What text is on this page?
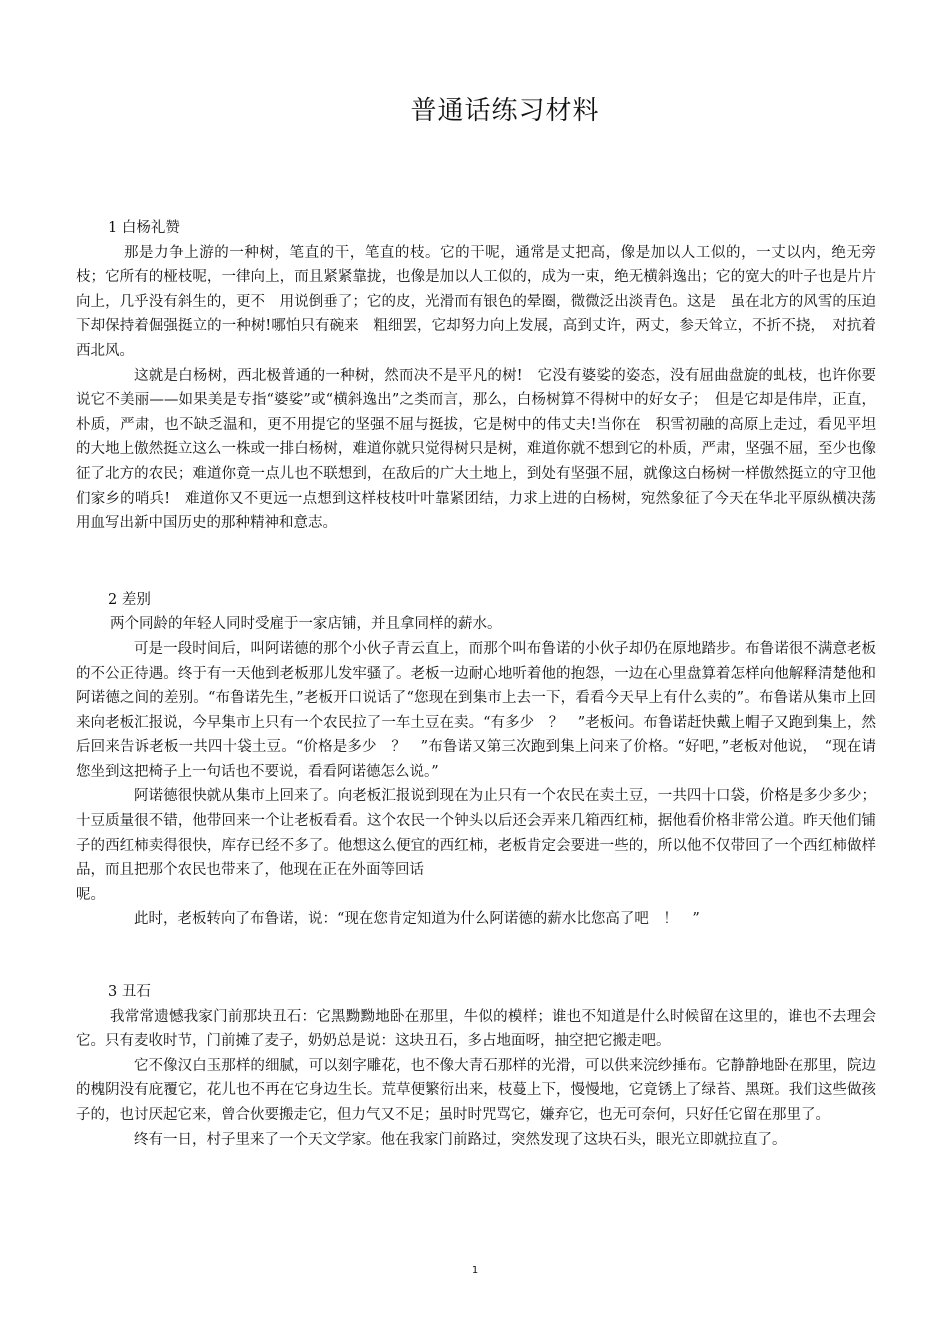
普通话练习材料

1 白杨礼赞

那是力争上游的一种树，笔直的干，笔直的枝。它的干呢，通常是丈把高，像是加以人工似的，一丈以内，绝无旁枝；它所有的桠枝呢，一律向上，而且紧紧靠拢，也像是加以人工似的，成为一束，绝无横斜逸出；它的宽大的叶子也是片片向上，几乎没有斜生的，更不　用说倒垂了；它的皮，光滑而有银色的晕圈，微微泛出淡青色。这是　虽在北方的风雪的压迫下却保持着倔强挺立的一种树!哪怕只有碗来　粗细罢，它却努力向上发展，高到丈许，两丈，参天耸立，不折不挠，　对抗着西北风。

这就是白杨树，西北极普通的一种树，然而决不是平凡的树!　它没有婆娑的姿态，没有屈曲盘旋的虬枝，也许你要说它不美丽——如果美是专指“婆娑”或“横斜逸出”之类而言，那么，白杨树算不得树中的好女子；　但是它却是伟岸，正直，朴质，严肃，也不缺乏温和，更不用提它的坚强不屈与挺拔，它是树中的伟丈夫!当你在　积雪初融的高原上走过，看见平坦的大地上傲然挺立这么一株或一排白杨树，难道你就只觉得树只是树，难道你就不想到它的朴质，严肃，坚强不屈，至少也像征了北方的农民；难道你竟一点儿也不联想到，在敌后的广大土地上，到处有坚强不屈，就像这白杨树一样傲然挺立的守卫他们家乡的哨兵!　难道你又不更远一点想到这样枝枝叶叶靠紧团结，力求上进的白杨树，宛然象征了今天在华北平原纵横决荡用血写出新中国历史的那种精神和意志。

2 差别

两个同龄的年轻人同时受雇于一家店铺，并且拿同样的薪水。

可是一段时间后，叫阿诺德的那个小伙子青云直上，而那个叫布鲁诺的小伙子却仍在原地踏步。布鲁诺很不满意老板的不公正待遇。终于有一天他到老板那儿发牢骚了。老板一边耐心地听着他的抱怨，一边在心里盘算着怎样向他解释清楚他和阿诺德之间的差别。“布鲁诺先生，”老板开口说话了“您现在到集市上去一下，看看今天早上有什么卖的”。布鲁诺从集市上回来向老板汇报说，今早集市上只有一个农民拉了一车土豆在卖。“有多少　？　”老板问。布鲁诺赶快戴上帽子又跑到集上，然后回来告诉老板一共四十袋土豆。“价格是多少　？　”布鲁诺又第三次跑到集上问来了价格。“好吧，”老板对他说，　“现在请您坐到这把椅子上一句话也不要说，看看阿诺德怎么说。”

阿诺德很快就从集市上回来了。向老板汇报说到现在为止只有一个农民在卖土豆，一共四十口袋，价格是多少多少；十豆质量很不错，他带回来一个让老板看看。这个农民一个钟头以后还会弄来几箱西红柿，据他看价格非常公道。昨天他们铺子的西红柿卖得很快，库存已经不多了。他想这么便宜的西红柿，老板肯定会要进一些的，所以他不仅带回了一个西红柿做样品，而且把那个农民也带来了，他现在正在外面等回话

呢。

此时，老板转向了布鲁诺，说：“现在您肯定知道为什么阿诺德的薪水比您高了吧　！　”

3 丑石

我常常遗憾我家门前那块丑石：它黑黝黝地卧在那里，牛似的模样；谁也不知道是什么时候留在这里的，谁也不去理会它。只有麦收时节，门前摊了麦子，奶奶总是说：这块丑石，多占地面呀，抽空把它搬走吧。

它不像汉白玉那样的细腻，可以刻字雕花，也不像大青石那样的光滑，可以供来浣纱捶布。它静静地卧在那里，院边的槐阴没有庇覆它，花儿也不再在它身边生长。荒草便繁衍出来，枝蔓上下，慢慢地，它竟锈上了绿苔、黑斑。我们这些做孩子的，也讨厌起它来，曾合伙要搬走它，但力气又不足；虽时时咒骂它，嫌弃它，也无可奈何，只好任它留在那里了。

终有一日，村子里来了一个天文学家。他在我家门前路过，突然发现了这块石头，眼光立即就拉直了。

1
